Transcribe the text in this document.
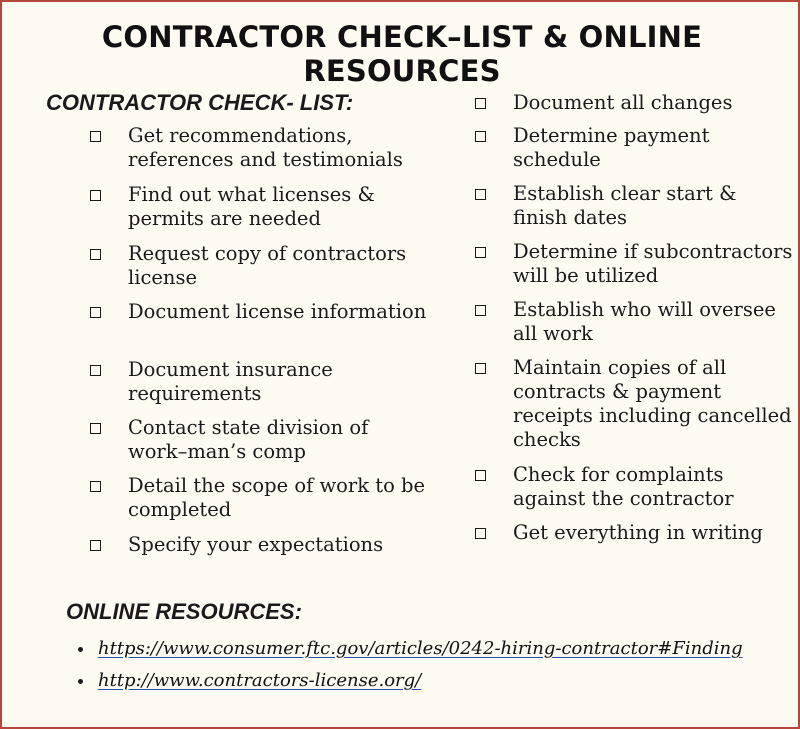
CONTRACTOR CHECK–LIST & ONLINE RESOURCES
CONTRACTOR CHECK- LIST:
Get recommendations, references and testimonials
Find out what licenses & permits are needed
Request copy of contractors license
Document license information
Document insurance requirements
Contact state division of work–man’s comp
Detail the scope of work to be completed
Specify your expectations
Document all changes
Determine payment schedule
Establish clear start & finish dates
Determine if subcontractors will be utilized
Establish who will oversee all work
Maintain copies of all contracts & payment receipts including cancelled checks
Check for complaints against the contractor
Get everything in writing
ONLINE RESOURCES:
https://www.consumer.ftc.gov/articles/0242-hiring-contractor#Finding
http://www.contractors-license.org/
